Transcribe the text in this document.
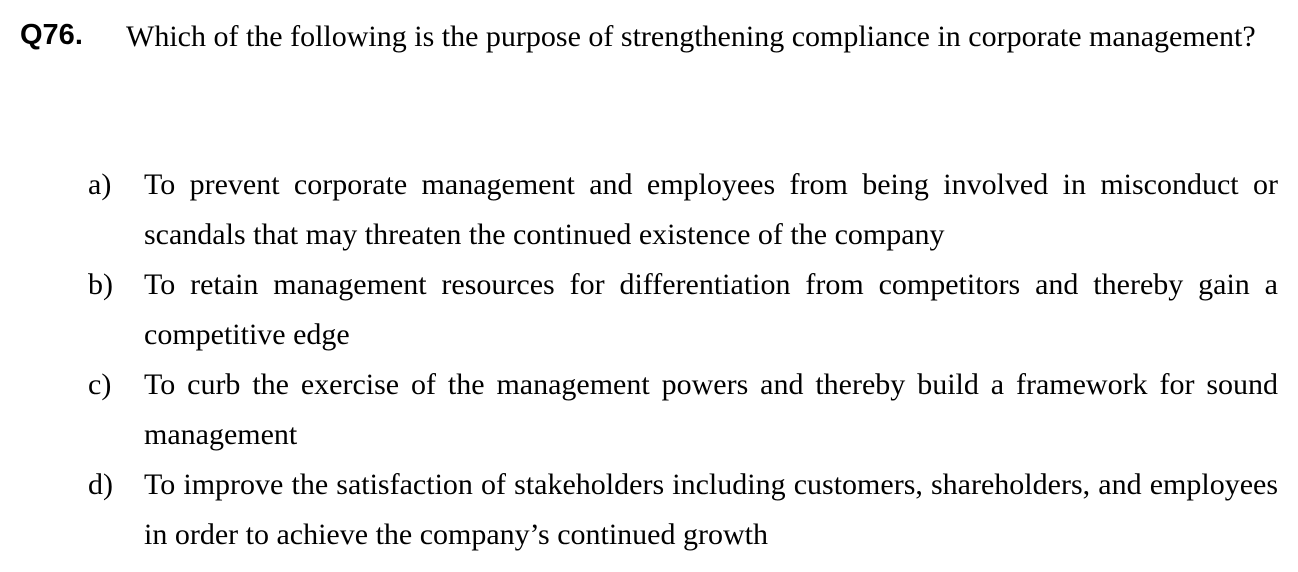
Q76.	Which of the following is the purpose of strengthening compliance in corporate management?
a) To prevent corporate management and employees from being involved in misconduct or scandals that may threaten the continued existence of the company
b) To retain management resources for differentiation from competitors and thereby gain a competitive edge
c) To curb the exercise of the management powers and thereby build a framework for sound management
d) To improve the satisfaction of stakeholders including customers, shareholders, and employees in order to achieve the company’s continued growth
